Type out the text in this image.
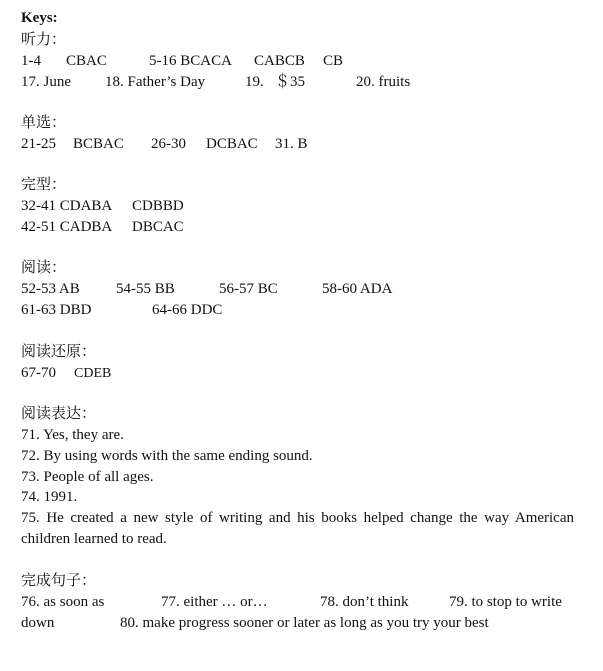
Keys:
听力：
1-4 CBAC	5-16 BCACA CABCB CB
17. June 18. Father’s Day	19. ＄35	20. fruits
单选：
21-25 BCBAC 26-30 DCBAC 31. B
完型：
32-41 CDABA CDBBD
42-51 CADBA DBCAC
阅读：
52-53 AB 54-55 BB	56-57 BC	58-60 ADA
61-63 DBD	64-66 DDC
阅读还原：
67-70 CDEB
阅读表达：
71. Yes, they are.
72. By using words with the same ending sound.
73. People of all ages.
74. 1991.
75. He created a new style of writing and his books helped change the way American
children learned to read.
完成句子：
76. as soon as	77. either … or…	78. don’t think	79. to stop to write
down	80. make progress sooner or later as long as you try your best
